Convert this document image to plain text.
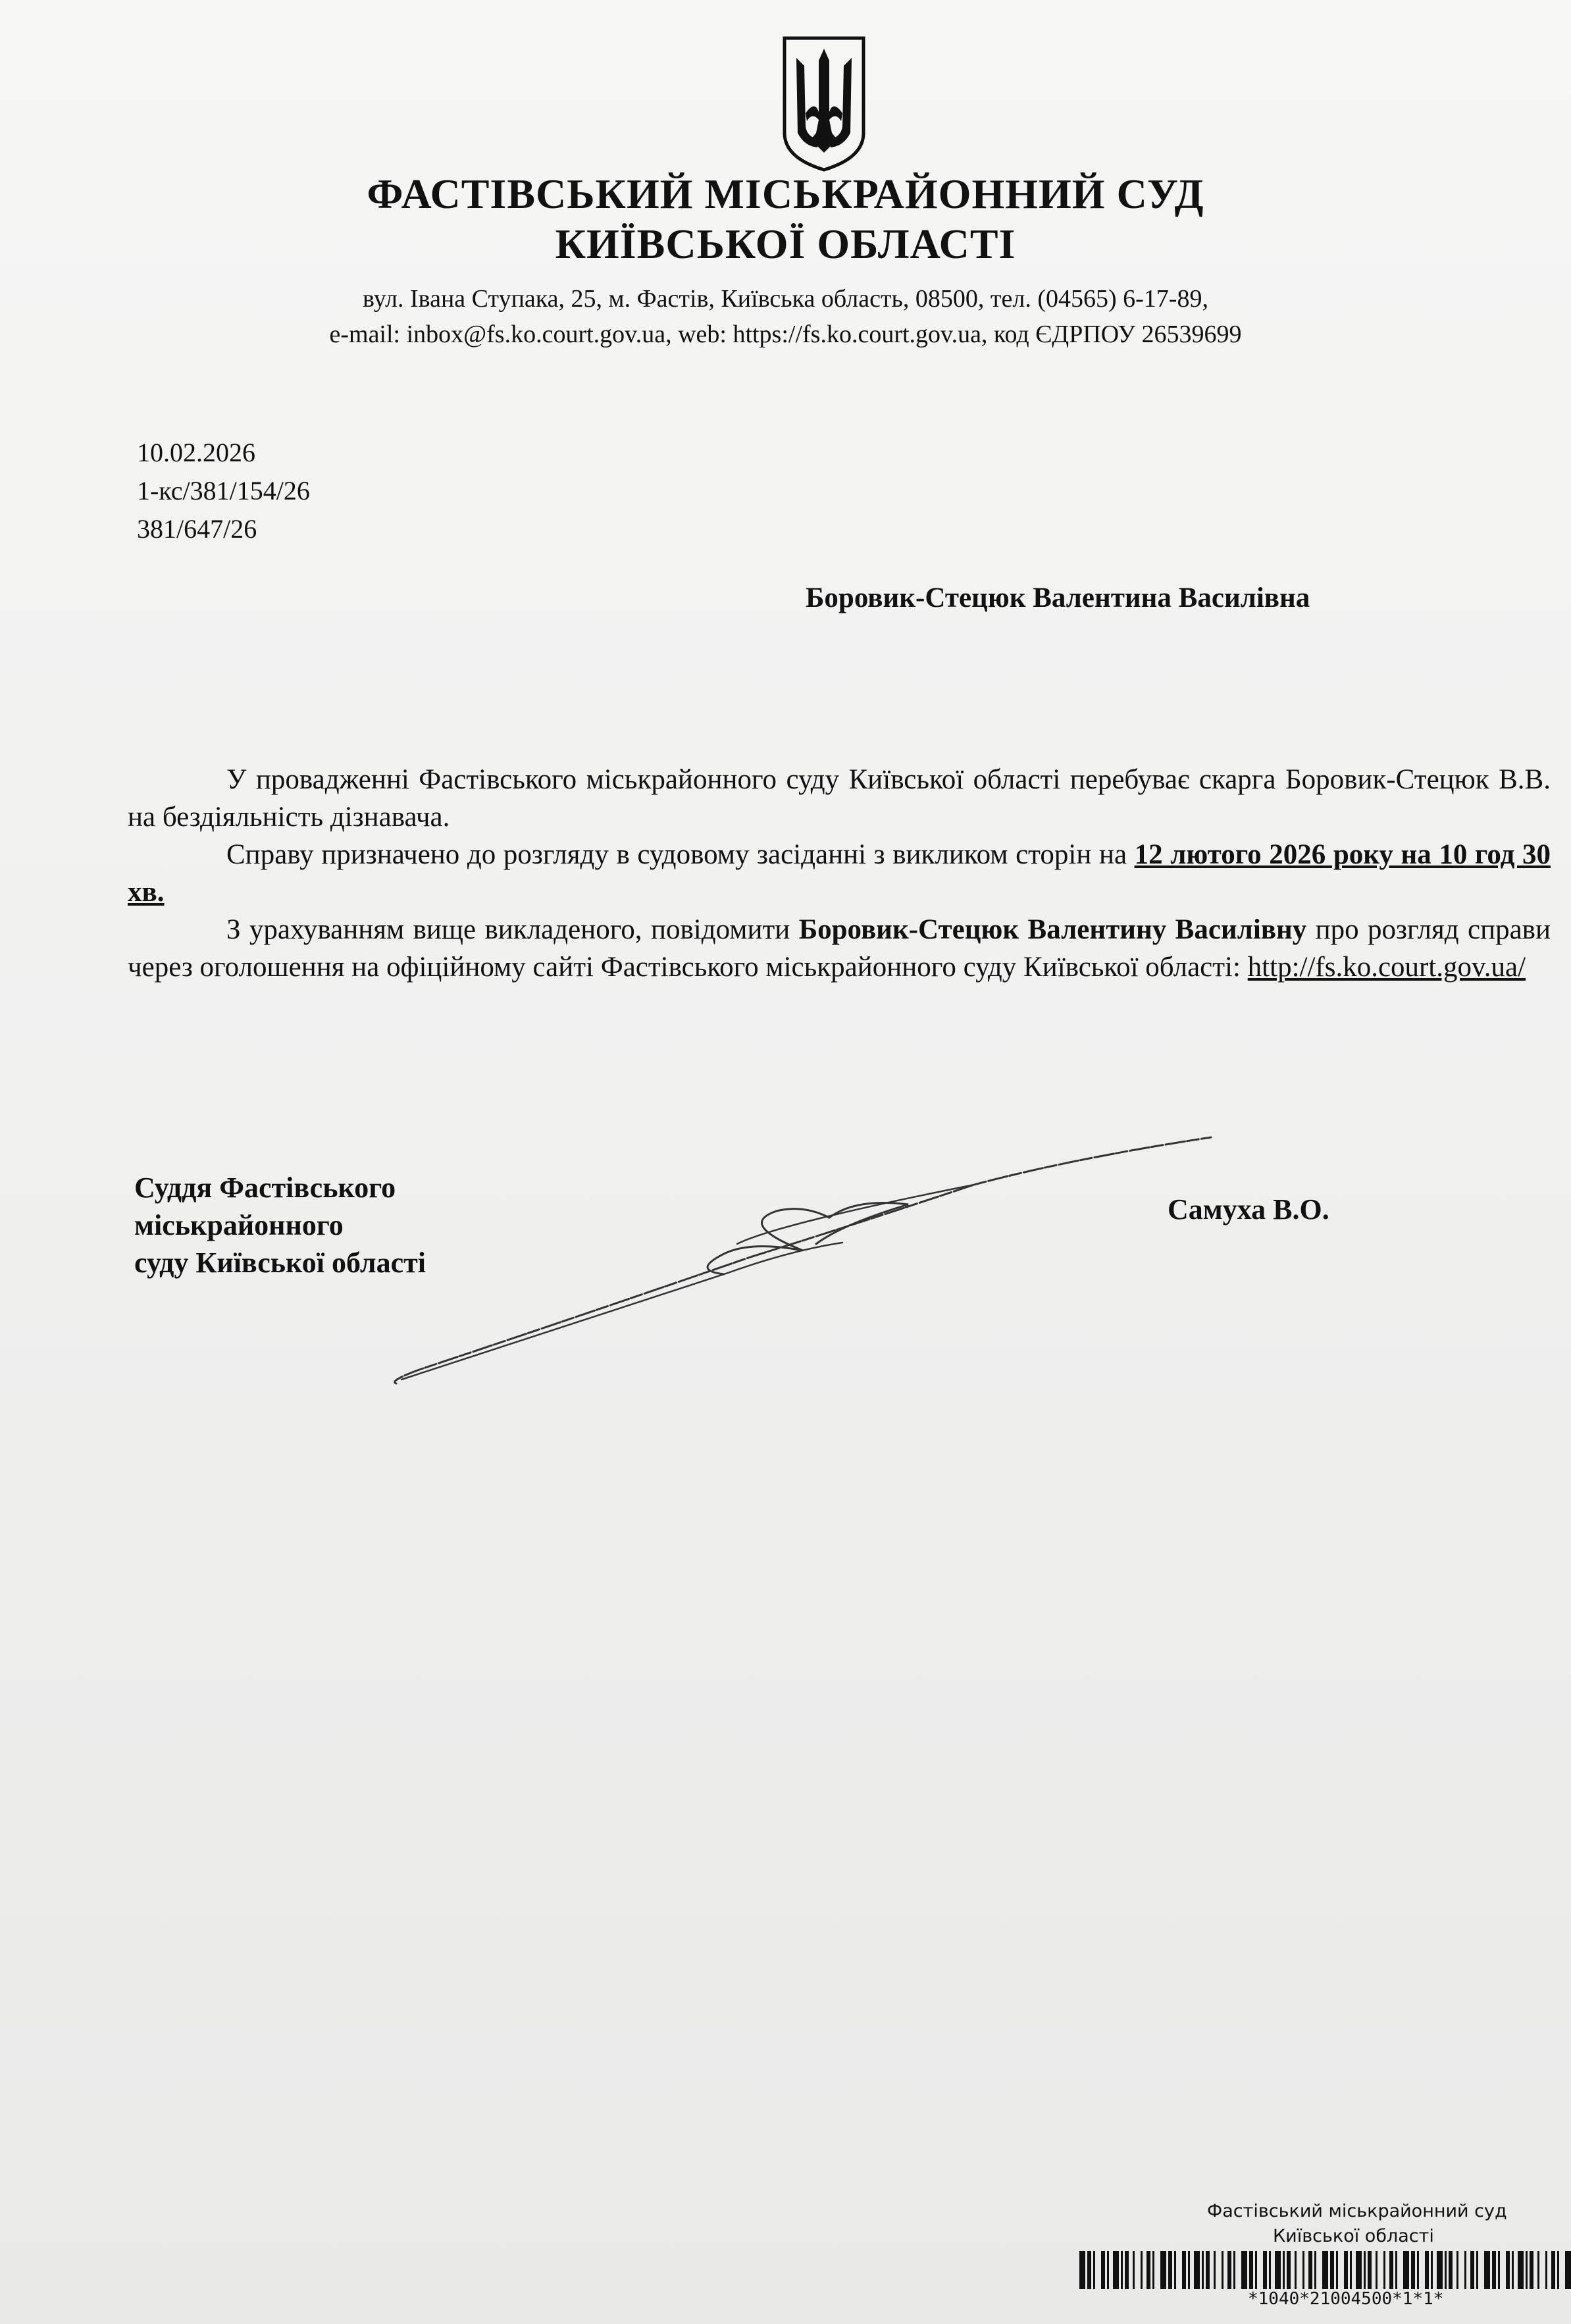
ФАСТІВСЬКИЙ МІСЬКРАЙОННИЙ СУД
КИЇВСЬКОЇ ОБЛАСТІ
вул. Івана Ступака, 25, м. Фастів, Київська область, 08500, тел. (04565) 6-17-89,
e-mail: inbox@fs.ko.court.gov.ua, web: https://fs.ko.court.gov.ua, код ЄДРПОУ 26539699
10.02.2026
1-кс/381/154/26
381/647/26
Боровик-Стецюк Валентина Василівна

У провадженні Фастівського міськрайонного суду Київської області перебуває скарга Боровик-Стецюк В.В. на бездіяльність дізнавача.

Справу призначено до розгляду в судовому засіданні з викликом сторін на 12 лютого 2026 року на 10 год 30 хв.

З урахуванням вище викладеного, повідомити Боровик-Стецюк Валентину Василівну про розгляд справи через оголошення на офіційному сайті Фастівського міськрайонного суду Київської області: http://fs.ko.court.gov.ua/

Суддя Фастівського
міськрайонного
суду Київської області
Самуха В.О.
Фастівський міськрайонний суд
Київської області
*1040*21004500*1*1*
